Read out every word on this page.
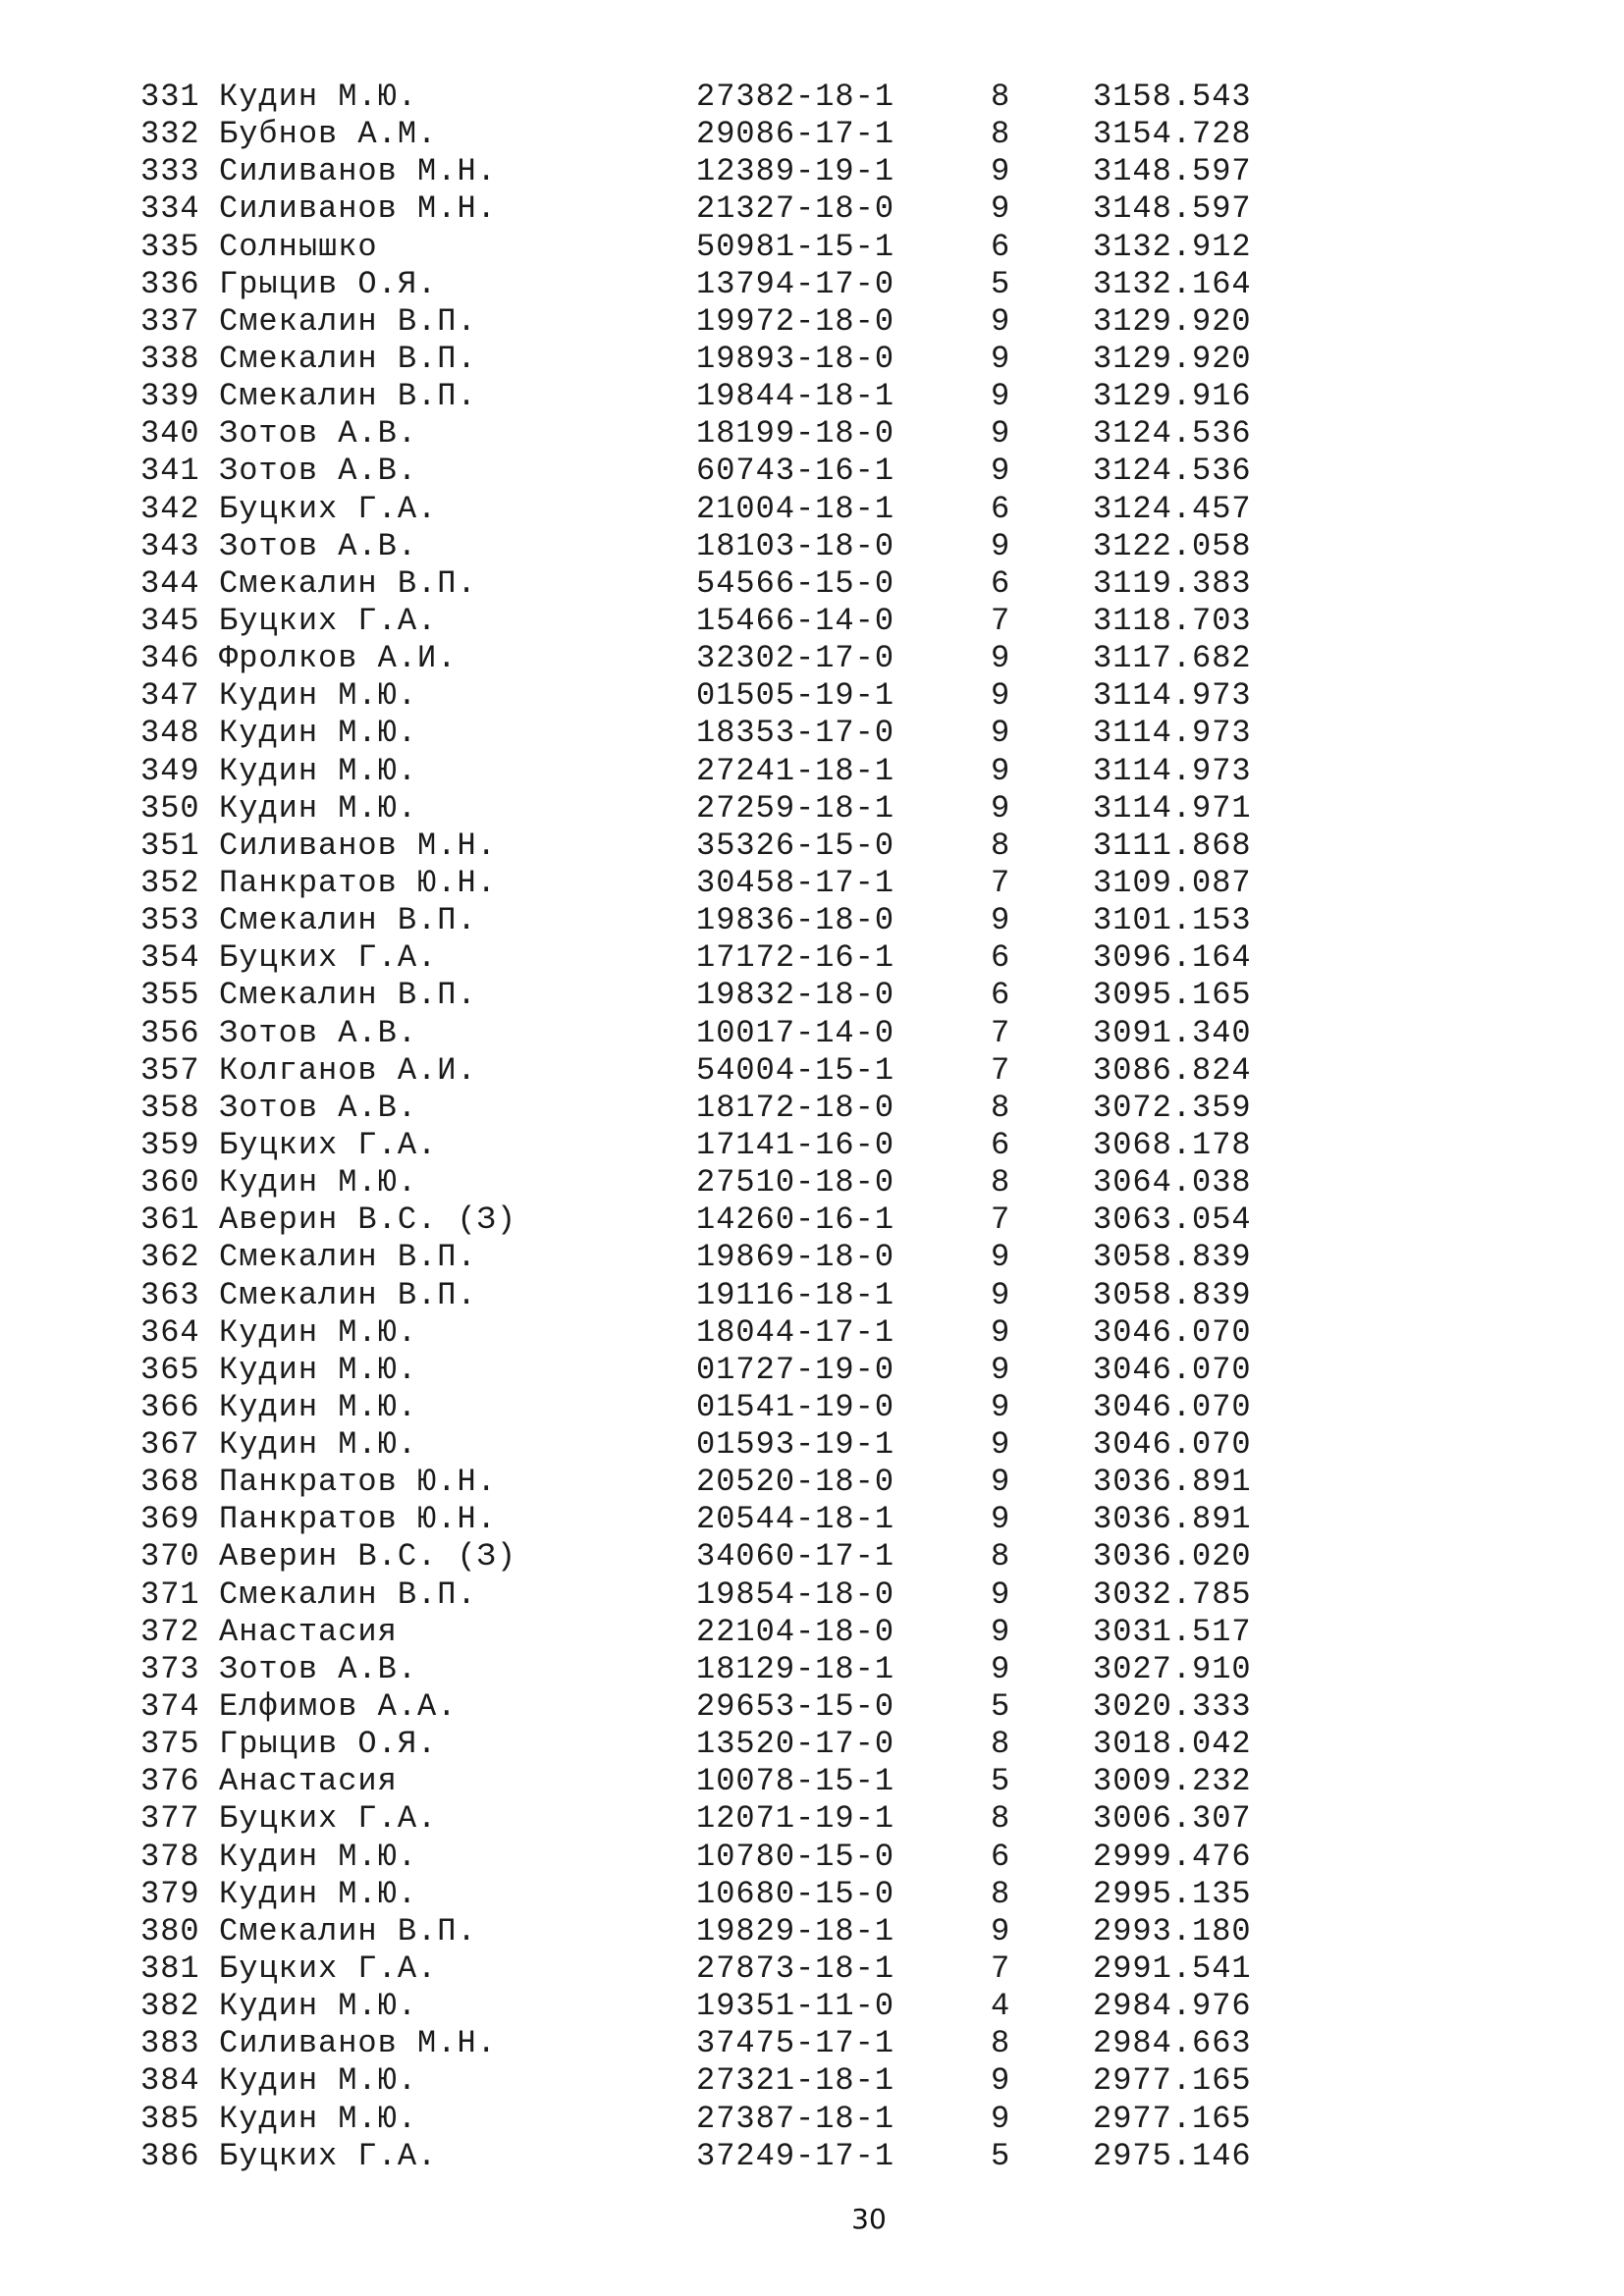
331 Кудин М.Ю.	27382-18-1	8	3158.543
332 Бубнов А.М.	29086-17-1	8	3154.728
333 Силиванов М.Н.	12389-19-1	9	3148.597
334 Силиванов М.Н.	21327-18-0	9	3148.597
335 Солнышко	50981-15-1	6	3132.912
336 Грыцив О.Я.	13794-17-0	5	3132.164
337 Смекалин В.П.	19972-18-0	9	3129.920
338 Смекалин В.П.	19893-18-0	9	3129.920
339 Смекалин В.П.	19844-18-1	9	3129.916
340 Зотов А.В.	18199-18-0	9	3124.536
341 Зотов А.В.	60743-16-1	9	3124.536
342 Буцких Г.А.	21004-18-1	6	3124.457
343 Зотов А.В.	18103-18-0	9	3122.058
344 Смекалин В.П.	54566-15-0	6	3119.383
345 Буцких Г.А.	15466-14-0	7	3118.703
346 Фролков А.И.	32302-17-0	9	3117.682
347 Кудин М.Ю.	01505-19-1	9	3114.973
348 Кудин М.Ю.	18353-17-0	9	3114.973
349 Кудин М.Ю.	27241-18-1	9	3114.973
350 Кудин М.Ю.	27259-18-1	9	3114.971
351 Силиванов М.Н.	35326-15-0	8	3111.868
352 Панкратов Ю.Н.	30458-17-1	7	3109.087
353 Смекалин В.П.	19836-18-0	9	3101.153
354 Буцких Г.А.	17172-16-1	6	3096.164
355 Смекалин В.П.	19832-18-0	6	3095.165
356 Зотов А.В.	10017-14-0	7	3091.340
357 Колганов А.И.	54004-15-1	7	3086.824
358 Зотов А.В.	18172-18-0	8	3072.359
359 Буцких Г.А.	17141-16-0	6	3068.178
360 Кудин М.Ю.	27510-18-0	8	3064.038
361 Аверин В.С. (З)	14260-16-1	7	3063.054
362 Смекалин В.П.	19869-18-0	9	3058.839
363 Смекалин В.П.	19116-18-1	9	3058.839
364 Кудин М.Ю.	18044-17-1	9	3046.070
365 Кудин М.Ю.	01727-19-0	9	3046.070
366 Кудин М.Ю.	01541-19-0	9	3046.070
367 Кудин М.Ю.	01593-19-1	9	3046.070
368 Панкратов Ю.Н.	20520-18-0	9	3036.891
369 Панкратов Ю.Н.	20544-18-1	9	3036.891
370 Аверин В.С. (З)	34060-17-1	8	3036.020
371 Смекалин В.П.	19854-18-0	9	3032.785
372 Анастасия	22104-18-0	9	3031.517
373 Зотов А.В.	18129-18-1	9	3027.910
374 Елфимов А.А.	29653-15-0	5	3020.333
375 Грыцив О.Я.	13520-17-0	8	3018.042
376 Анастасия	10078-15-1	5	3009.232
377 Буцких Г.А.	12071-19-1	8	3006.307
378 Кудин М.Ю.	10780-15-0	6	2999.476
379 Кудин М.Ю.	10680-15-0	8	2995.135
380 Смекалин В.П.	19829-18-1	9	2993.180
381 Буцких Г.А.	27873-18-1	7	2991.541
382 Кудин М.Ю.	19351-11-0	4	2984.976
383 Силиванов М.Н.	37475-17-1	8	2984.663
384 Кудин М.Ю.	27321-18-1	9	2977.165
385 Кудин М.Ю.	27387-18-1	9	2977.165
386 Буцких Г.А.	37249-17-1	5	2975.146
30
